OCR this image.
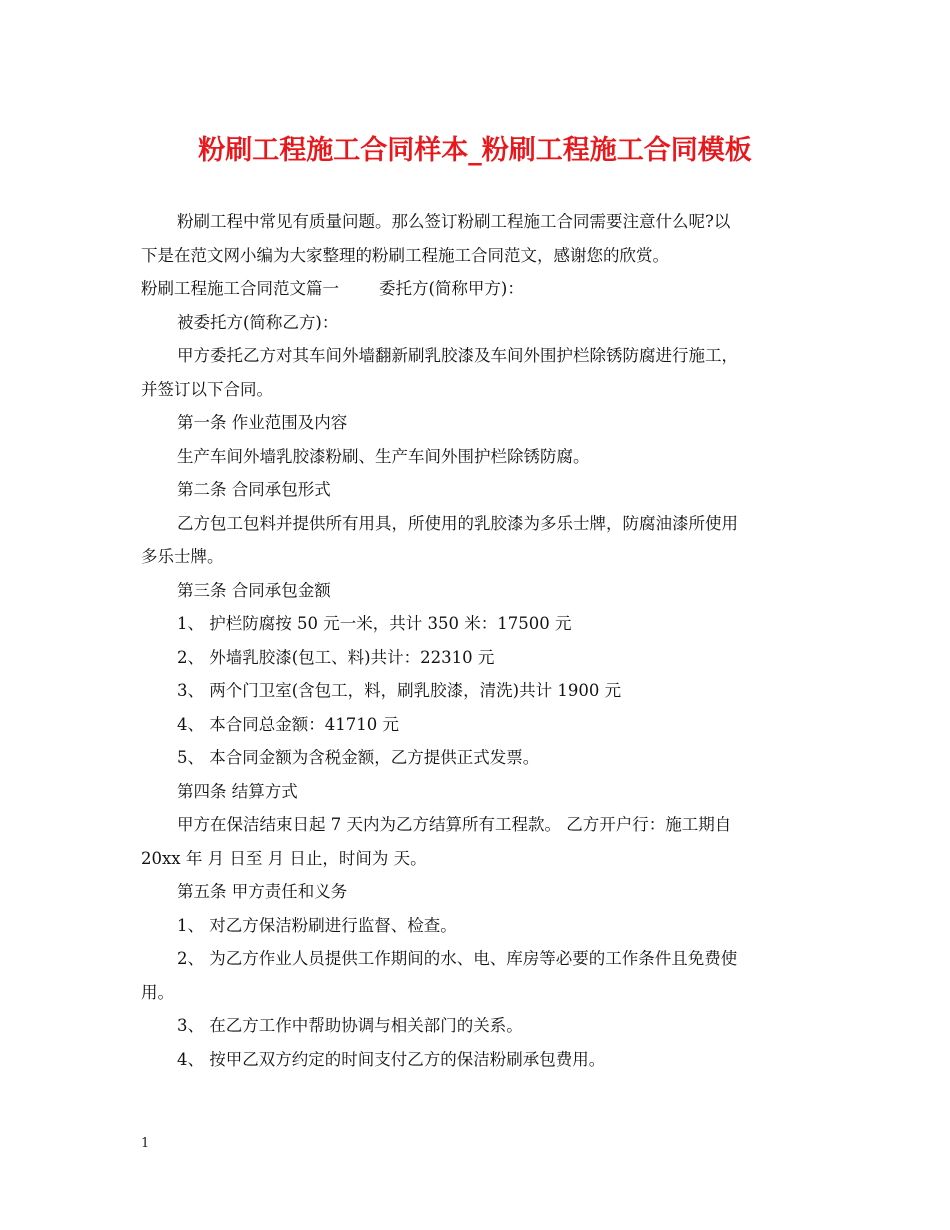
粉刷工程施工合同样本_粉刷工程施工合同模板

粉刷工程中常见有质量问题。那么签订粉刷工程施工合同需要注意什么呢?以

下是在范文网小编为大家整理的粉刷工程施工合同范文，感谢您的欣赏。

粉刷工程施工合同范文篇一 委托方(简称甲方)：

被委托方(简称乙方)：

甲方委托乙方对其车间外墙翻新刷乳胶漆及车间外围护栏除锈防腐进行施工，

并签订以下合同。

第一条 作业范围及内容

生产车间外墙乳胶漆粉刷、生产车间外围护栏除锈防腐。

第二条 合同承包形式

乙方包工包料并提供所有用具，所使用的乳胶漆为多乐士牌，防腐油漆所使用

多乐士牌。

第三条 合同承包金额

1、 护栏防腐按 50 元一米，共计 350 米：17500 元

2、 外墙乳胶漆(包工、料)共计：22310 元

3、 两个门卫室(含包工，料，刷乳胶漆，清洗)共计 1900 元

4、 本合同总金额：41710 元

5、 本合同金额为含税金额，乙方提供正式发票。

第四条 结算方式

甲方在保洁结束日起 7 天内为乙方结算所有工程款。 乙方开户行：施工期自

20xx 年 月 日至 月 日止，时间为 天。

第五条 甲方责任和义务

1、 对乙方保洁粉刷进行监督、检查。

2、 为乙方作业人员提供工作期间的水、电、库房等必要的工作条件且免费使

用。

3、 在乙方工作中帮助协调与相关部门的关系。

4、 按甲乙双方约定的时间支付乙方的保洁粉刷承包费用。

1
